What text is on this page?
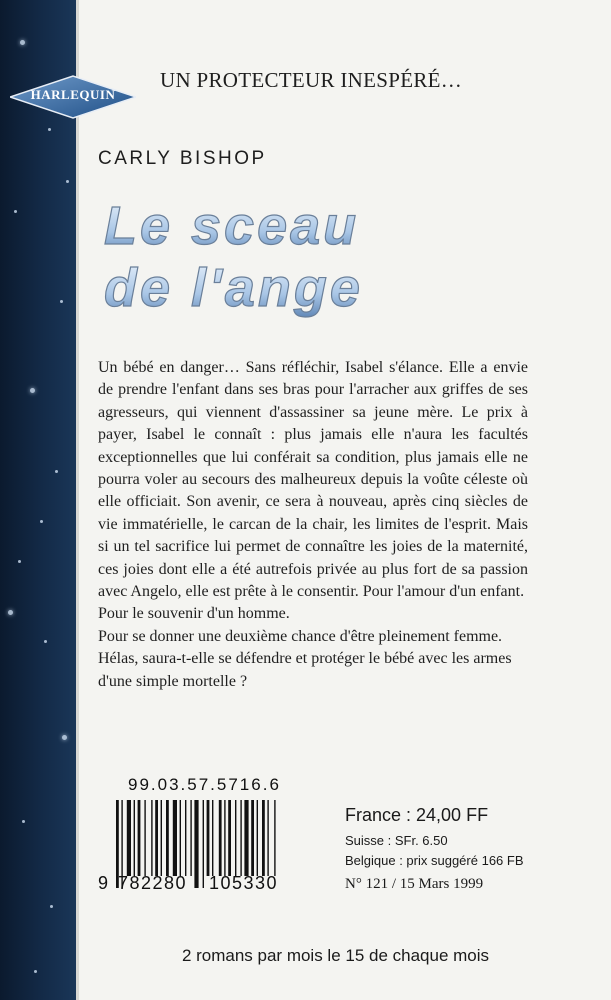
HARLEQUIN
UN PROTECTEUR INESPÉRÉ…
CARLY BISHOP
Le sceau
de l'ange

Un bébé en danger… Sans réfléchir, Isabel s'élance. Elle a envie de prendre l'enfant dans ses bras pour l'arracher aux griffes de ses agresseurs, qui viennent d'assassiner sa jeune mère. Le prix à payer, Isabel le connaît : plus jamais elle n'aura les facultés exceptionnelles que lui conférait sa condition, plus jamais elle ne pourra voler au secours des malheureux depuis la voûte céleste où elle officiait. Son avenir, ce sera à nouveau, après cinq siècles de vie immatérielle, le carcan de la chair, les limites de l'esprit. Mais si un tel sacrifice lui permet de connaître les joies de la maternité, ces joies dont elle a été autrefois privée au plus fort de sa passion avec Angelo, elle est prête à le consentir. Pour l'amour d'un enfant.

Pour le souvenir d'un homme.

Pour se donner une deuxième chance d'être pleinement femme.

Hélas, saura-t-elle se défendre et protéger le bébé avec les armes d'une simple mortelle ?

99.03.57.5716.6
9 782280 105330
France : 24,00 FF
Suisse : SFr. 6.50
Belgique : prix suggéré 166 FB
N° 121 / 15 Mars 1999
2 romans par mois le 15 de chaque mois
